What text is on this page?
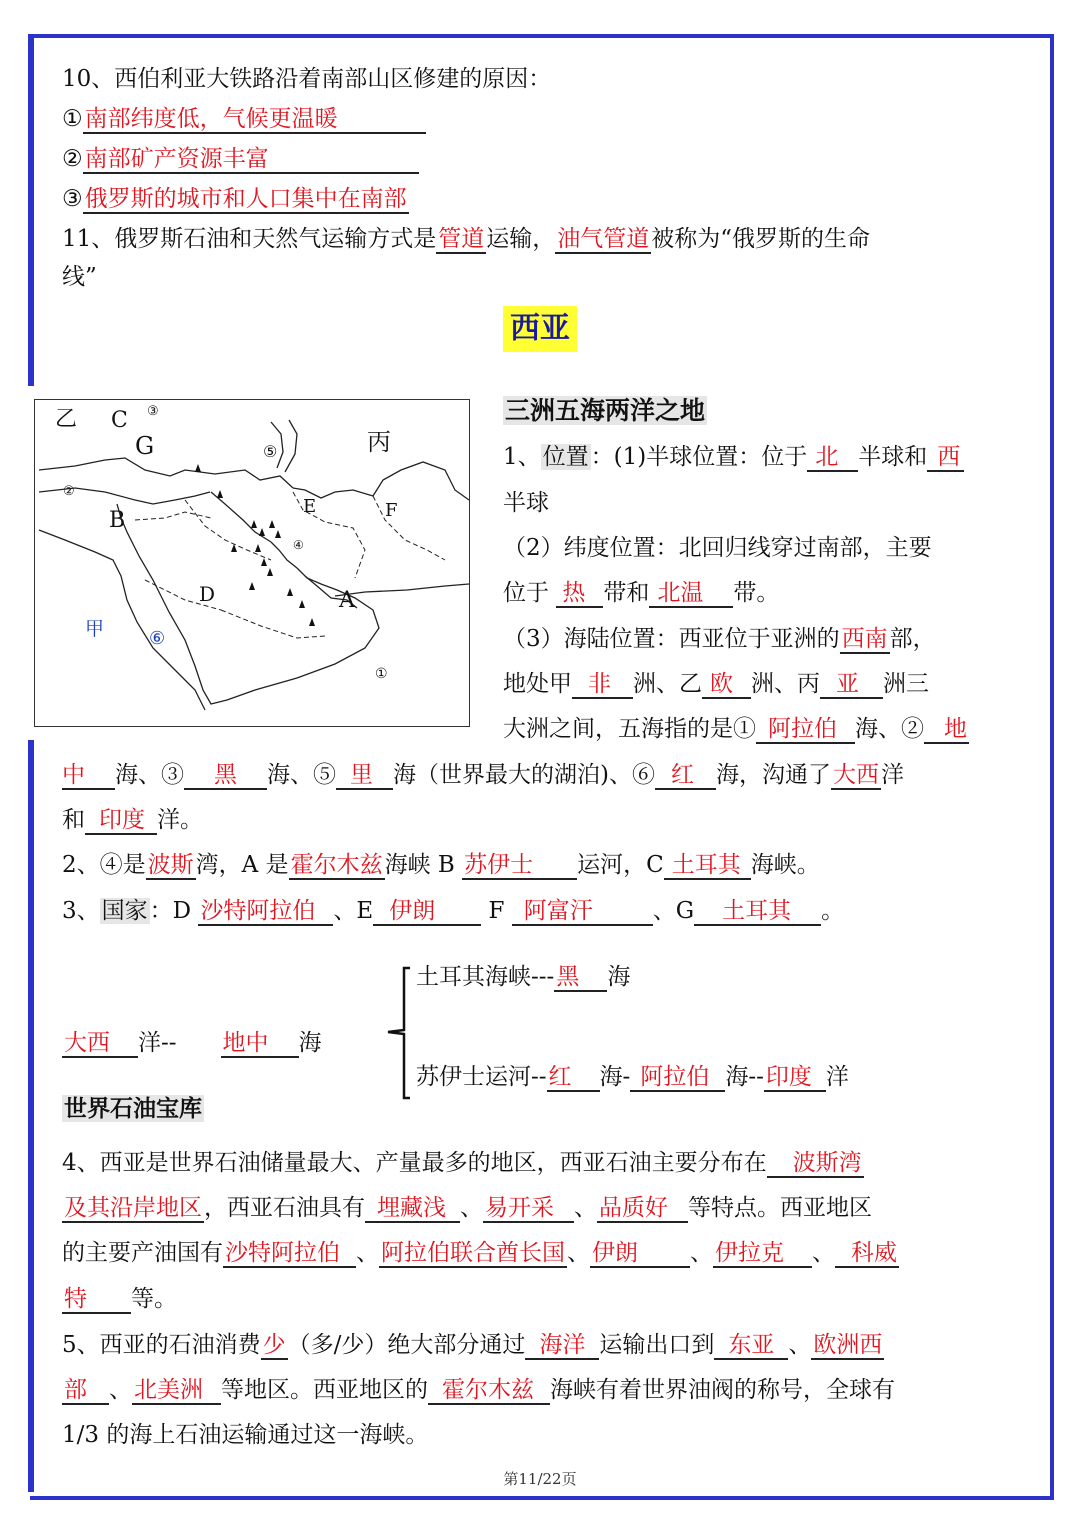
10、西伯利亚大铁路沿着南部山区修建的原因：
①南部纬度低，气候更温暖
②南部矿产资源丰富
③俄罗斯的城市和人口集中在南部
11、俄罗斯石油和天然气运输方式是管道运输，油气管道被称为“俄罗斯的生命
线”
西亚
乙 C ③
G	⑤	丙
②
E	F
B
④
D	A
甲 ⑥
①
三洲五海两洋之地
1、位置：(1)半球位置：位于 北 半球和 西
半球
（2）纬度位置：北回归线穿过南部，主要
位于 热 带和 北温 带。
（3）海陆位置：西亚位于亚洲的西南部，
地处甲 非 洲、乙 欧 洲、丙 亚 洲三
大洲之间，五海指的是① 阿拉伯 海、② 地
中 海、③ 黑 海、⑤ 里 海（世界最大的湖泊)、⑥ 红 海，沟通了大西洋
和 印度 洋。
2、④是波斯湾，A 是霍尔木兹海峡 B 苏伊士 运河，C 土耳其 海峡。
3、国家：D 沙特阿拉伯 、E 伊朗 F 阿富汗	、G 土耳其 。
土耳其海峡---黑 海
大西 洋-- 地中 海
苏伊士运河--红 海- 阿拉伯 海--印度 洋
世界石油宝库
4、西亚是世界石油储量最大、产量最多的地区，西亚石油主要分布在 波斯湾
及其沿岸地区，西亚石油具有 埋藏浅 、易开采 、品质好 等特点。西亚地区
的主要产油国有沙特阿拉伯 、阿拉伯联合酋长国、伊朗 、伊拉克 、 科威
特 等。
5、西亚的石油消费少（多/少）绝大部分通过 海洋 运输出口到 东亚 、欧洲西
部 、北美洲 等地区。西亚地区的 霍尔木兹 海峡有着世界油阀的称号，全球有
1/3 的海上石油运输通过这一海峡。
第11/22页
